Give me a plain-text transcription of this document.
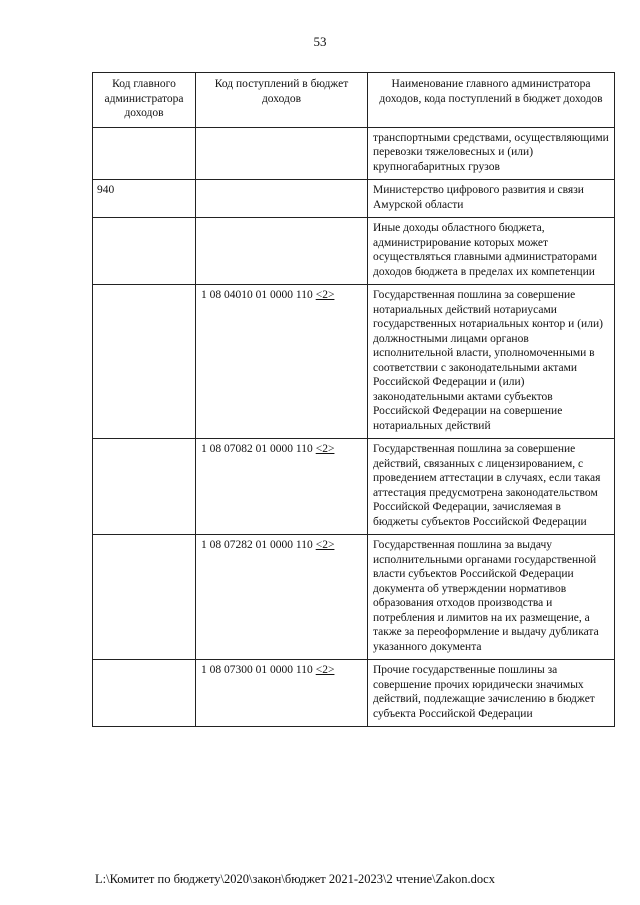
53
Код главного администратора доходов	Код поступлений в бюджет доходов	Наименование главного администратора доходов, кода поступлений в бюджет доходов
		транспортными средствами, осуществляющими перевозки тяжеловесных и (или) крупногабаритных грузов
940		Министерство цифрового развития и связи Амурской области
		Иные доходы областного бюджета, администрирование которых может осуществляться главными администраторами доходов бюджета в пределах их компетенции
	1 08 04010 01 0000 110 <2>	Государственная пошлина за совершение нотариальных действий нотариусами государственных нотариальных контор и (или) должностными лицами органов исполнительной власти, уполномоченными в соответствии с законодательными актами Российской Федерации и (или) законодательными актами субъектов Российской Федерации на совершение нотариальных действий
	1 08 07082 01 0000 110 <2>	Государственная пошлина за совершение действий, связанных с лицензированием, с проведением аттестации в случаях, если такая аттестация предусмотрена законодательством Российской Федерации, зачисляемая в бюджеты субъектов Российской Федерации
	1 08 07282 01 0000 110 <2>	Государственная пошлина за выдачу исполнительными органами государственной власти субъектов Российской Федерации документа об утверждении нормативов образования отходов производства и потребления и лимитов на их размещение, а также за переоформление и выдачу дубликата указанного документа
	1 08 07300 01 0000 110 <2>	Прочие государственные пошлины за совершение прочих юридически значимых действий, подлежащие зачислению в бюджет субъекта Российской Федерации
L:\Комитет по бюджету\2020\закон\бюджет 2021-2023\2 чтение\Zakon.docx
